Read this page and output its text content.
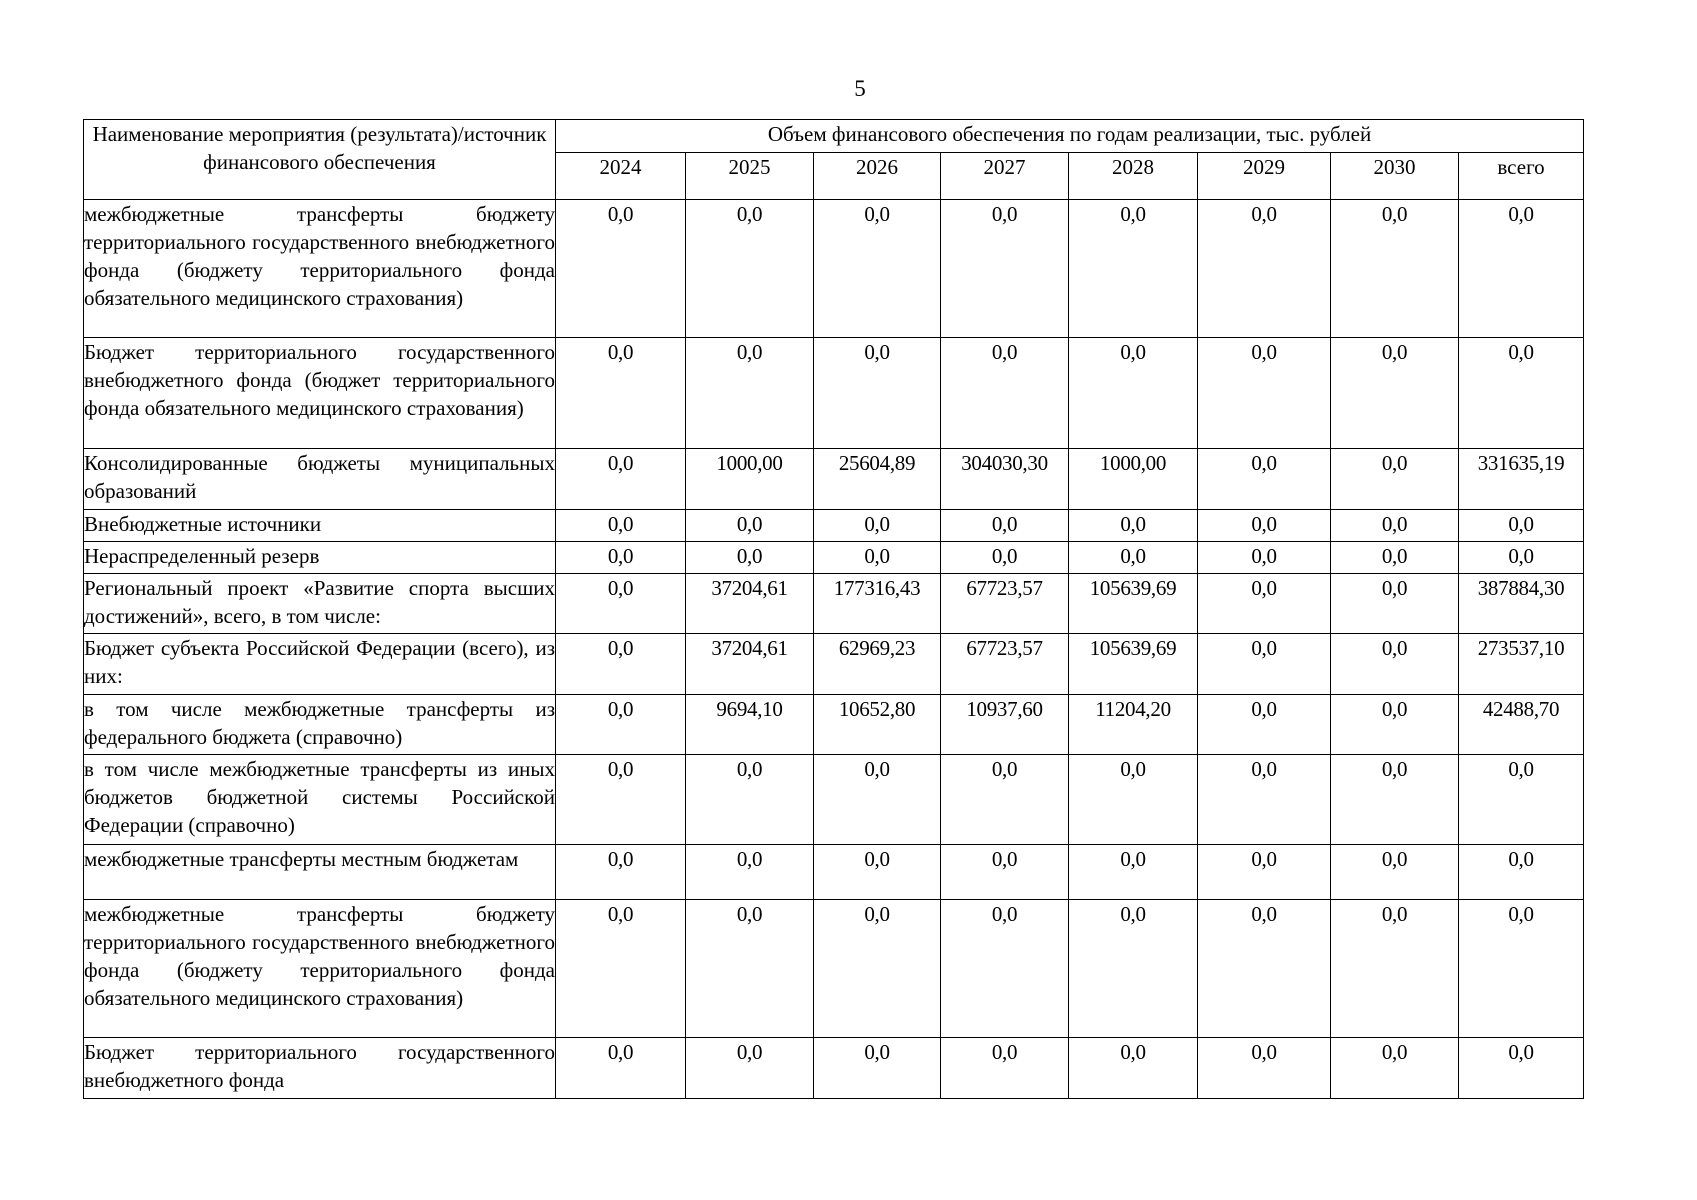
5
Наименование мероприятия (результата)/источник финансового обеспечения	Объем финансового обеспечения по годам реализации, тыс. рублей							
	2024	2025	2026	2027	2028	2029	2030	всего
межбюджетные трансферты бюджету территориального государственного внебюджетного фонда (бюджету территориального фонда обязательного медицинского страхования)	0,0	0,0	0,0	0,0	0,0	0,0	0,0	0,0
Бюджет территориального государственного внебюджетного фонда (бюджет территориального фонда обязательного медицинского страхования)	0,0	0,0	0,0	0,0	0,0	0,0	0,0	0,0
Консолидированные бюджеты муниципальных образований	0,0	1000,00	25604,89	304030,30	1000,00	0,0	0,0	331635,19
Внебюджетные источники	0,0	0,0	0,0	0,0	0,0	0,0	0,0	0,0
Нераспределенный резерв	0,0	0,0	0,0	0,0	0,0	0,0	0,0	0,0
Региональный проект «Развитие спорта высших достижений», всего, в том числе:	0,0	37204,61	177316,43	67723,57	105639,69	0,0	0,0	387884,30
Бюджет субъекта Российской Федерации (всего), из них:	0,0	37204,61	62969,23	67723,57	105639,69	0,0	0,0	273537,10
в том числе межбюджетные трансферты из федерального бюджета (справочно)	0,0	9694,10	10652,80	10937,60	11204,20	0,0	0,0	42488,70
в том числе межбюджетные трансферты из иных бюджетов бюджетной системы Российской Федерации (справочно)	0,0	0,0	0,0	0,0	0,0	0,0	0,0	0,0
межбюджетные трансферты местным бюджетам	0,0	0,0	0,0	0,0	0,0	0,0	0,0	0,0
межбюджетные трансферты бюджету территориального государственного внебюджетного фонда (бюджету территориального фонда обязательного медицинского страхования)	0,0	0,0	0,0	0,0	0,0	0,0	0,0	0,0
Бюджет территориального государственного внебюджетного фонда	0,0	0,0	0,0	0,0	0,0	0,0	0,0	0,0
